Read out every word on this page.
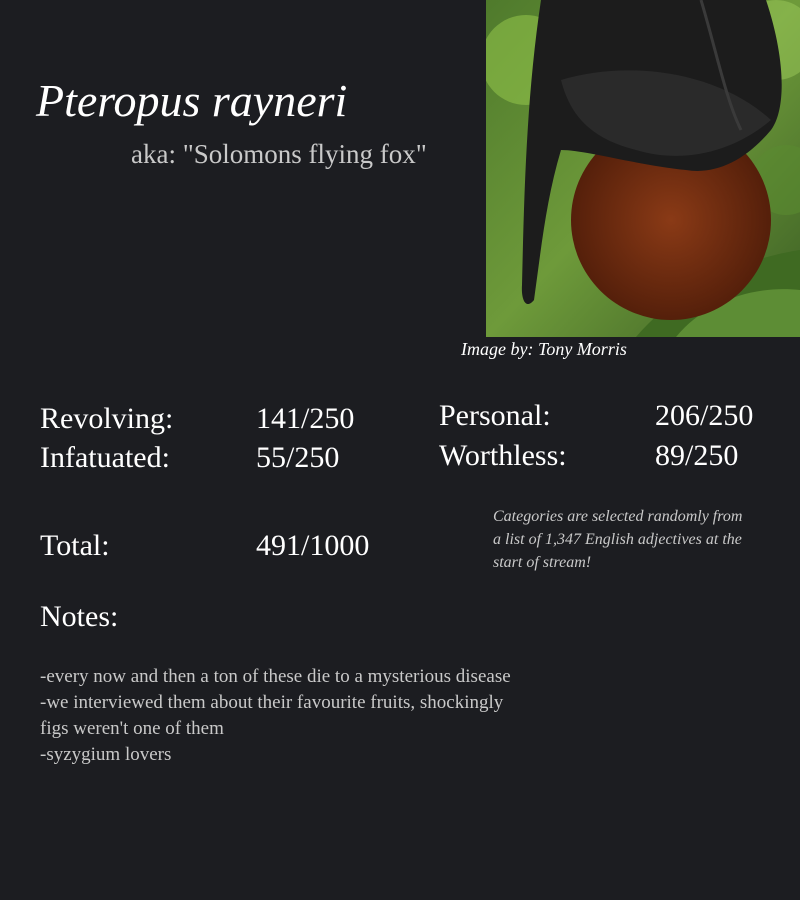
Pteropus rayneri
aka: "Solomons flying fox"
Image by: Tony Morris
Revolving:	141/250
Infatuated:	55/250
Personal:	206/250
Worthless:	89/250
Total:	491/1000
Categories are selected randomly from a list of 1,347 English adjectives at the start of stream!
Notes:
-every now and then a ton of these die to a mysterious disease
-we interviewed them about their favourite fruits, shockingly figs weren't one of them
-syzygium lovers
